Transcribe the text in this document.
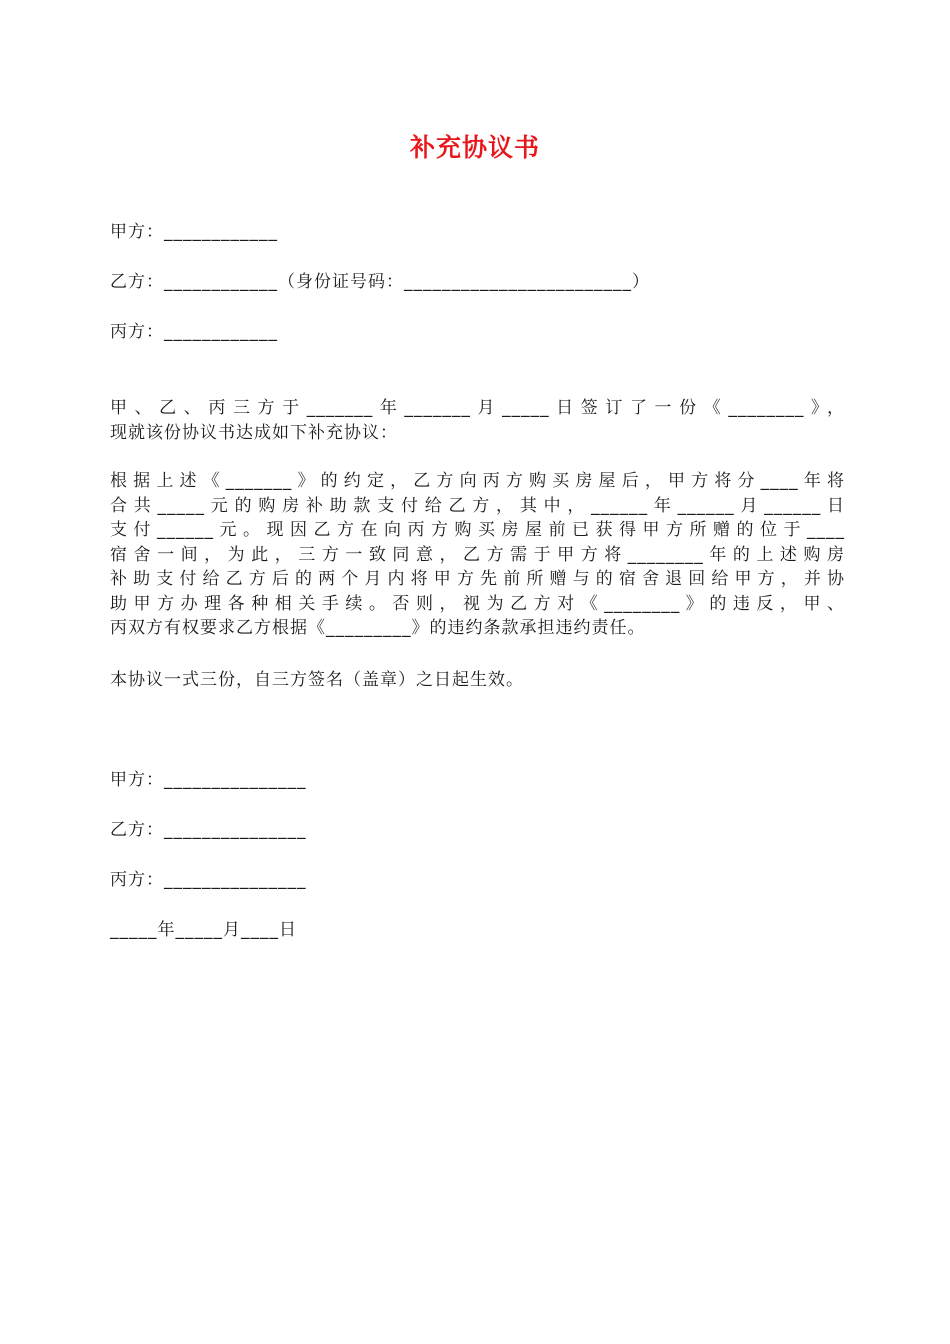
补充协议书
甲方：____________
乙方：____________（身份证号码：________________________）
丙方：____________
甲、乙、丙三方于_______年_______月_____日签订了一份《________》，
现就该份协议书达成如下补充协议：
根据上述《_______》的约定，乙方向丙方购买房屋后，甲方将分____年将
合共_____元的购房补助款支付给乙方，其中，______年______月______日
支付______元。现因乙方在向丙方购买房屋前已获得甲方所赠的位于____
宿舍一间，为此，三方一致同意，乙方需于甲方将________年的上述购房
补助支付给乙方后的两个月内将甲方先前所赠与的宿舍退回给甲方，并协
助甲方办理各种相关手续。否则，视为乙方对《________》的违反，甲、
丙双方有权要求乙方根据《_________》的违约条款承担违约责任。
本协议一式三份，自三方签名（盖章）之日起生效。
甲方：_______________
乙方：_______________
丙方：_______________
_____年_____月____日
